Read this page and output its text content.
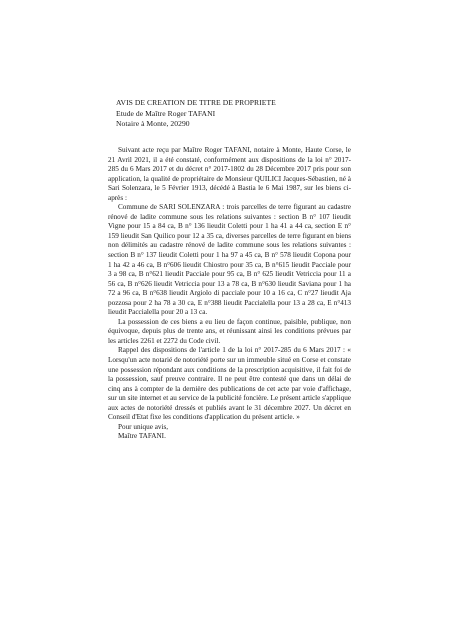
AVIS DE CREATION DE TITRE DE PROPRIETE
Etude de Maître Roger TAFANI
Notaire à Monte, 20290

Suivant acte reçu par Maître Roger TAFANI, notaire à Monte, Haute Corse, le 21 Avril 2021, il a été constaté, conformément aux dispositions de la loi n° 2017-285 du 6 Mars 2017 et du décret n° 2017-1802 du 28 Décembre 2017 pris pour son application, la qualité de propriétaire de Monsieur QUILICI Jacques-Sébastien, né à Sari Solenzara, le 5 Février 1913, décédé à Bastia le 6 Mai 1987, sur les biens ci-après :

Commune de SARI SOLENZARA : trois parcelles de terre figurant au cadastre rénové de ladite commune sous les relations suivantes : section B n° 107 lieudit Vigne pour 15 a 84 ca, B n° 136 lieudit Coletti pour 1 ha 41 a 44 ca, section E n° 159 lieudit San Quilico pour 12 a 35 ca, diverses parcelles de terre figurant en biens non délimités au cadastre rénové de ladite commune sous les relations suivantes : section B n° 137 lieudit Coletti pour 1 ha 97 a 45 ca, B n° 578 lieudit Copona pour 1 ha 42 a 46 ca, B n°606 lieudit Chiostro pour 35 ca, B n°615 lieudit Pacciale pour 3 a 98 ca, B n°621 lieudit Pacciale pour 95 ca, B n° 625 lieudit Vetriccia pour 11 a 56 ca, B n°626 lieudit Vetriccia pour 13 a 78 ca, B n°630 lieudit Saviana pour 1 ha 72 a 96 ca, B n°638 lieudit Argiolo di pacciale pour 10 a 16 ca, C n°27 lieudit Aja pozzosa pour 2 ha 78 a 30 ca, E n°388 lieudit Paccialella pour 13 a 28 ca, E n°413 lieudit Paccialella pour 20 a 13 ca.

La possession de ces biens a eu lieu de façon continue, paisible, publique, non équivoque, depuis plus de trente ans, et réunissant ainsi les conditions prévues par les articles 2261 et 2272 du Code civil.

Rappel des dispositions de l'article 1 de la loi n° 2017-285 du 6 Mars 2017 : « Lorsqu'un acte notarié de notoriété porte sur un immeuble situé en Corse et constate une possession répondant aux conditions de la prescription acquisitive, il fait foi de la possession, sauf preuve contraire. Il ne peut être contesté que dans un délai de cinq ans à compter de la dernière des publications de cet acte par voie d'affichage, sur un site internet et au service de la publicité foncière. Le présent article s'applique aux actes de notoriété dressés et publiés avant le 31 décembre 2027. Un décret en Conseil d'Etat fixe les conditions d'application du présent article. »

Pour unique avis,

Maître TAFANI.
